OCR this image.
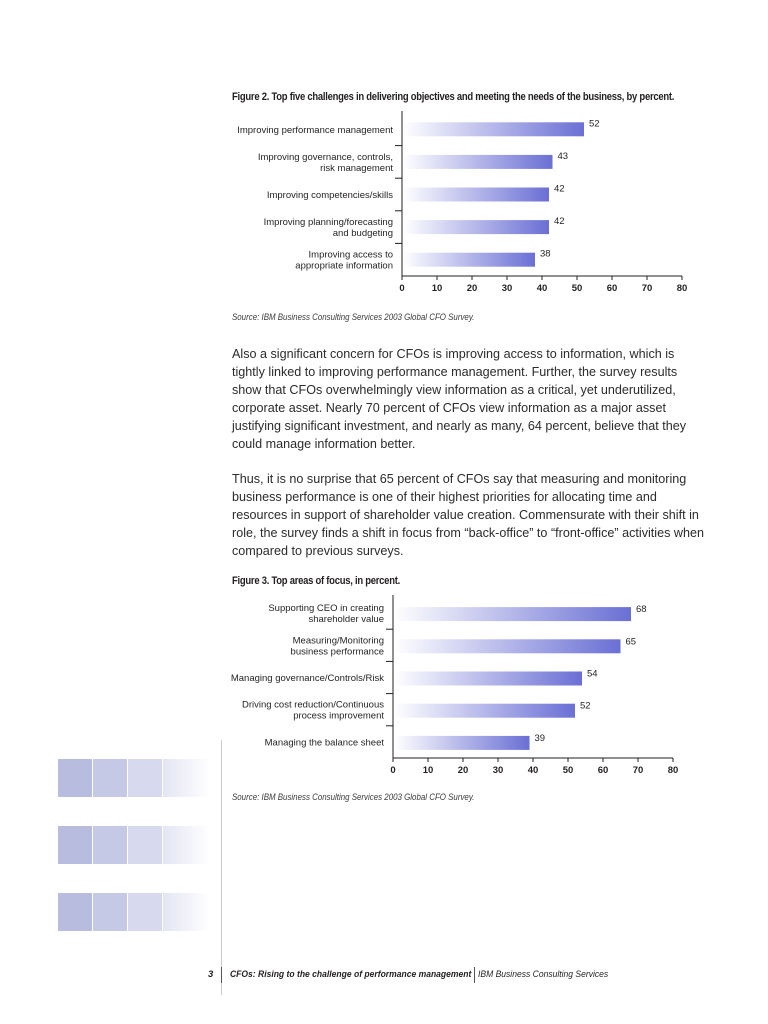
Figure 2. Top five challenges in delivering objectives and meeting the needs of the business, by percent.
0	10	20	30	40	50	60	70	80
52
Improving performance management
43
Improving governance, controls, risk management
42
Improving competencies/skills
42
Improving planning/forecasting and budgeting
38
Improving access to appropriate information

Source: IBM Business Consulting Services 2003 Global CFO Survey.

Also a significant concern for CFOs is improving access to information, which is tightly linked to improving performance management. Further, the survey results show that CFOs overwhelmingly view information as a critical, yet underutilized, corporate asset. Nearly 70 percent of CFOs view information as a major asset justifying significant investment, and nearly as many, 64 percent, believe that they could manage information better.

Thus, it is no surprise that 65 percent of CFOs say that measuring and monitoring business performance is one of their highest priorities for allocating time and resources in support of shareholder value creation. Commensurate with their shift in role, the survey finds a shift in focus from “back-office” to “front-office” activities when compared to previous surveys.

Figure 3. Top areas of focus, in percent.
0	10	20	30	40	50	60	70	80
68
Supporting CEO in creating shareholder value
65
Measuring/Monitoring business performance
54
Managing governance/Controls/Risk
52
Driving cost reduction/Continuous process improvement
39
Managing the balance sheet

Source: IBM Business Consulting Services 2003 Global CFO Survey.

3 CFOs: Rising to the challenge of performance management IBM Business Consulting Services
